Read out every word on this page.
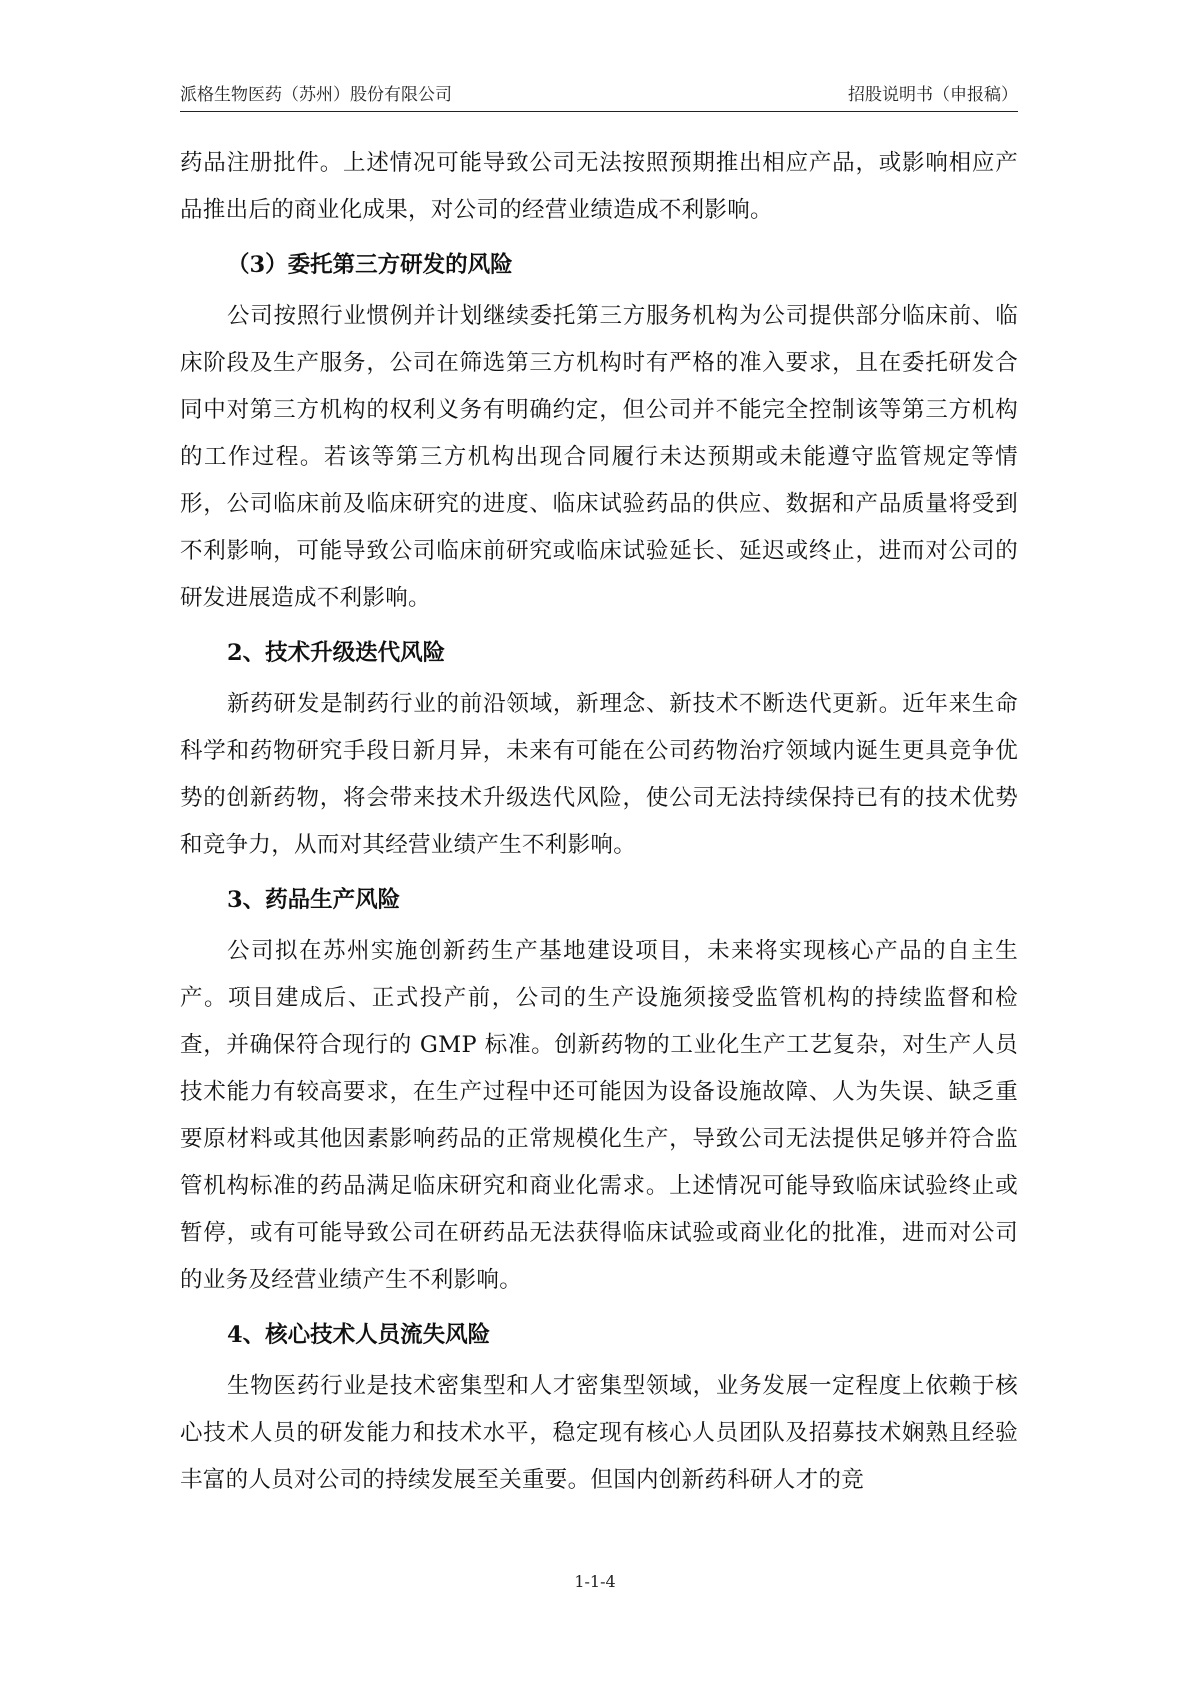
派格生物医药（苏州）股份有限公司	招股说明书（申报稿）

药品注册批件。上述情况可能导致公司无法按照预期推出相应产品，或影响相应产品推出后的商业化成果，对公司的经营业绩造成不利影响。

（3）委托第三方研发的风险

公司按照行业惯例并计划继续委托第三方服务机构为公司提供部分临床前、临床阶段及生产服务，公司在筛选第三方机构时有严格的准入要求，且在委托研发合同中对第三方机构的权利义务有明确约定，但公司并不能完全控制该等第三方机构的工作过程。若该等第三方机构出现合同履行未达预期或未能遵守监管规定等情形，公司临床前及临床研究的进度、临床试验药品的供应、数据和产品质量将受到不利影响，可能导致公司临床前研究或临床试验延长、延迟或终止，进而对公司的研发进展造成不利影响。

2、技术升级迭代风险

新药研发是制药行业的前沿领域，新理念、新技术不断迭代更新。近年来生命科学和药物研究手段日新月异，未来有可能在公司药物治疗领域内诞生更具竞争优势的创新药物，将会带来技术升级迭代风险，使公司无法持续保持已有的技术优势和竞争力，从而对其经营业绩产生不利影响。

3、药品生产风险

公司拟在苏州实施创新药生产基地建设项目，未来将实现核心产品的自主生产。项目建成后、正式投产前，公司的生产设施须接受监管机构的持续监督和检查，并确保符合现行的 GMP 标准。创新药物的工业化生产工艺复杂，对生产人员技术能力有较高要求，在生产过程中还可能因为设备设施故障、人为失误、缺乏重要原材料或其他因素影响药品的正常规模化生产，导致公司无法提供足够并符合监管机构标准的药品满足临床研究和商业化需求。上述情况可能导致临床试验终止或暂停，或有可能导致公司在研药品无法获得临床试验或商业化的批准，进而对公司的业务及经营业绩产生不利影响。

4、核心技术人员流失风险

生物医药行业是技术密集型和人才密集型领域，业务发展一定程度上依赖于核心技术人员的研发能力和技术水平，稳定现有核心人员团队及招募技术娴熟且经验丰富的人员对公司的持续发展至关重要。但国内创新药科研人才的竞

1-1-4
